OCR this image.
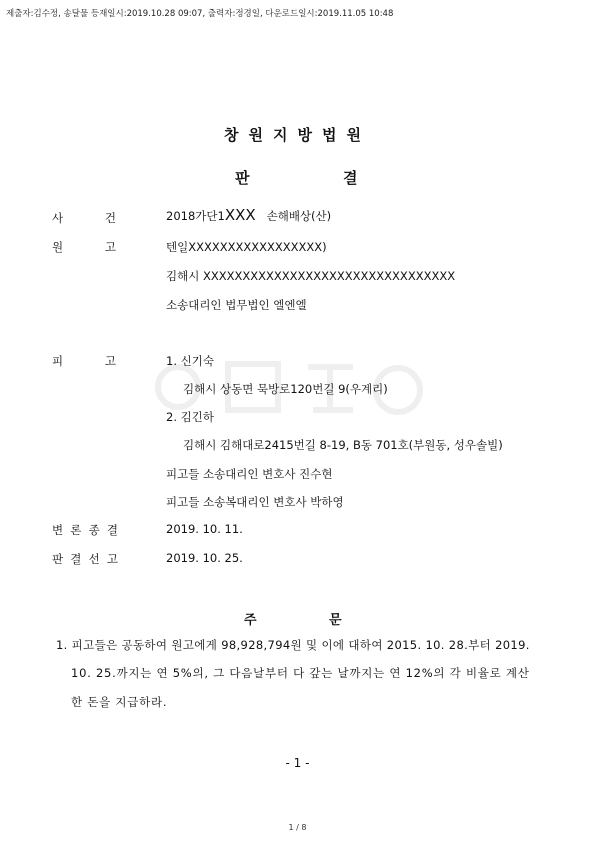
제출자:김수정, 송달물 등재일시:2019.10.28 09:07, 출력자:정경일, 다운로드일시:2019.11.05 10:48
창원지방법원
판	결
사	건	2018가단1XXX 손해배상(산)
원	고	텐일XXXXXXXXXXXXXXXXX)
김해시 XXXXXXXXXXXXXXXXXXXXXXXXXXXXXXXX
소송대리인 법무법인 엘엔엘
피	고	1. 신기숙
김해시 상동면 묵방로120번길 9(우계리)
2. 김긴하
김해시 김해대로2415번길 8-19, B동 701호(부원동, 성우솔빌)
피고들 소송대리인 변호사 진수현
피고들 소송복대리인 변호사 박하영
변 론 종 결	2019. 10. 11.
판 결 선 고	2019. 10. 25.
주	문
1. 피고들은 공동하여 원고에게 98,928,794원 및 이에 대하여 2015. 10. 28.부터 2019.
10. 25.까지는 연 5%의, 그 다음날부터 다 갚는 날까지는 연 12%의 각 비율로 계산
한 돈을 지급하라.
- 1 -
1 / 8
